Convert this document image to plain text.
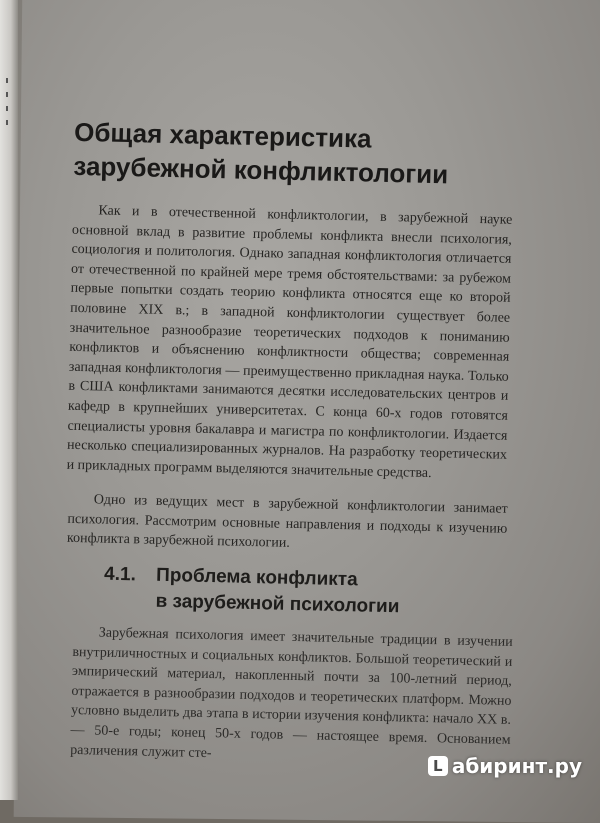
Общая характеристика
зарубежной конфликтологии
Как и в отечественной конфликтологии, в зарубежной науке основной вклад в развитие проблемы конфликта внесли психология, социология и политология. Однако западная конфликтология отличается от отечественной по крайней мере тремя обстоятельствами: за рубежом первые попытки создать теорию конфликта относятся еще ко второй половине XIX в.; в западной конфликтологии существует более значительное разнообразие теоретических подходов к пониманию конфликтов и объяснению конфликтности общества; современная западная конфликтология — преимущественно прикладная наука. Только в США конфликтами занимаются десятки исследовательских центров и кафедр в крупнейших университетах. С конца 60-х годов готовятся специалисты уровня бакалавра и магистра по конфликтологии. Издается несколько специализированных журналов. На разработку теоретических и прикладных программ выделяются значительные средства.
Одно из ведущих мест в зарубежной конфликтологии занимает психология. Рассмотрим основные направления и подходы к изучению конфликта в зарубежной психологии.
4.1. Проблема конфликта
в зарубежной психологии
Зарубежная психология имеет значительные традиции в изучении внутриличностных и социальных конфликтов. Большой теоретический и эмпирический материал, накопленный почти за 100-летний период, отражается в разнообразии подходов и теоретических платформ. Можно условно выделить два этапа в истории изучения конфликта: начало XX в. — 50-е годы; конец 50-х годов — настоящее время. Основанием различения служит сте-
L абиринт.ру
